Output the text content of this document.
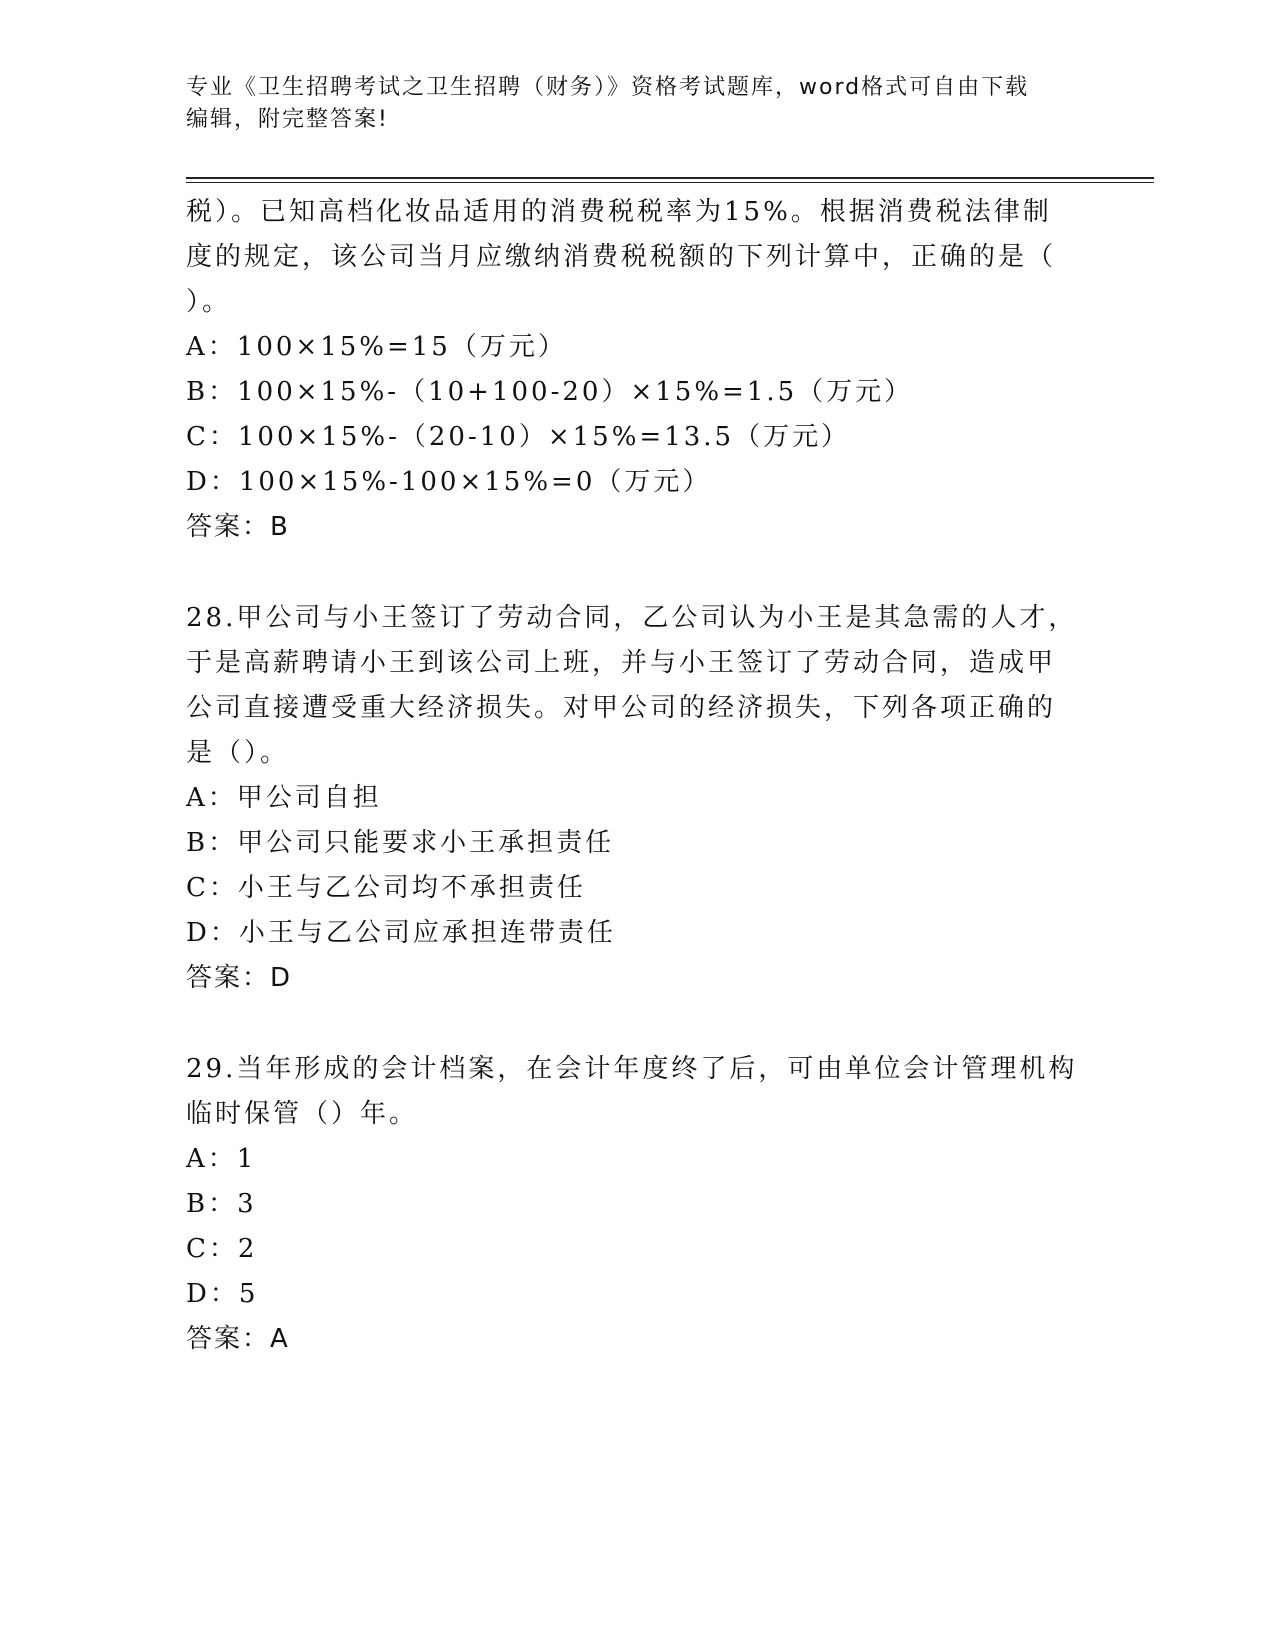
专业《卫生招聘考试之卫生招聘（财务）》资格考试题库，word格式可自由下载
编辑，附完整答案!

税）。已知高档化妆品适用的消费税税率为15%。根据消费税法律制

度的规定，该公司当月应缴纳消费税税额的下列计算中，正确的是（

）。

A：100×15%=15（万元）

B：100×15%-（10+100-20）×15%=1.5（万元）

C：100×15%-（20-10）×15%=13.5（万元）

D：100×15%-100×15%=0（万元）

答案：B

28.甲公司与小王签订了劳动合同，乙公司认为小王是其急需的人才，

于是高薪聘请小王到该公司上班，并与小王签订了劳动合同，造成甲

公司直接遭受重大经济损失。对甲公司的经济损失，下列各项正确的

是（）。

A：甲公司自担

B：甲公司只能要求小王承担责任

C：小王与乙公司均不承担责任

D：小王与乙公司应承担连带责任

答案：D

29.当年形成的会计档案，在会计年度终了后，可由单位会计管理机构

临时保管（）年。

A：1

B：3

C：2

D：5

答案：A
